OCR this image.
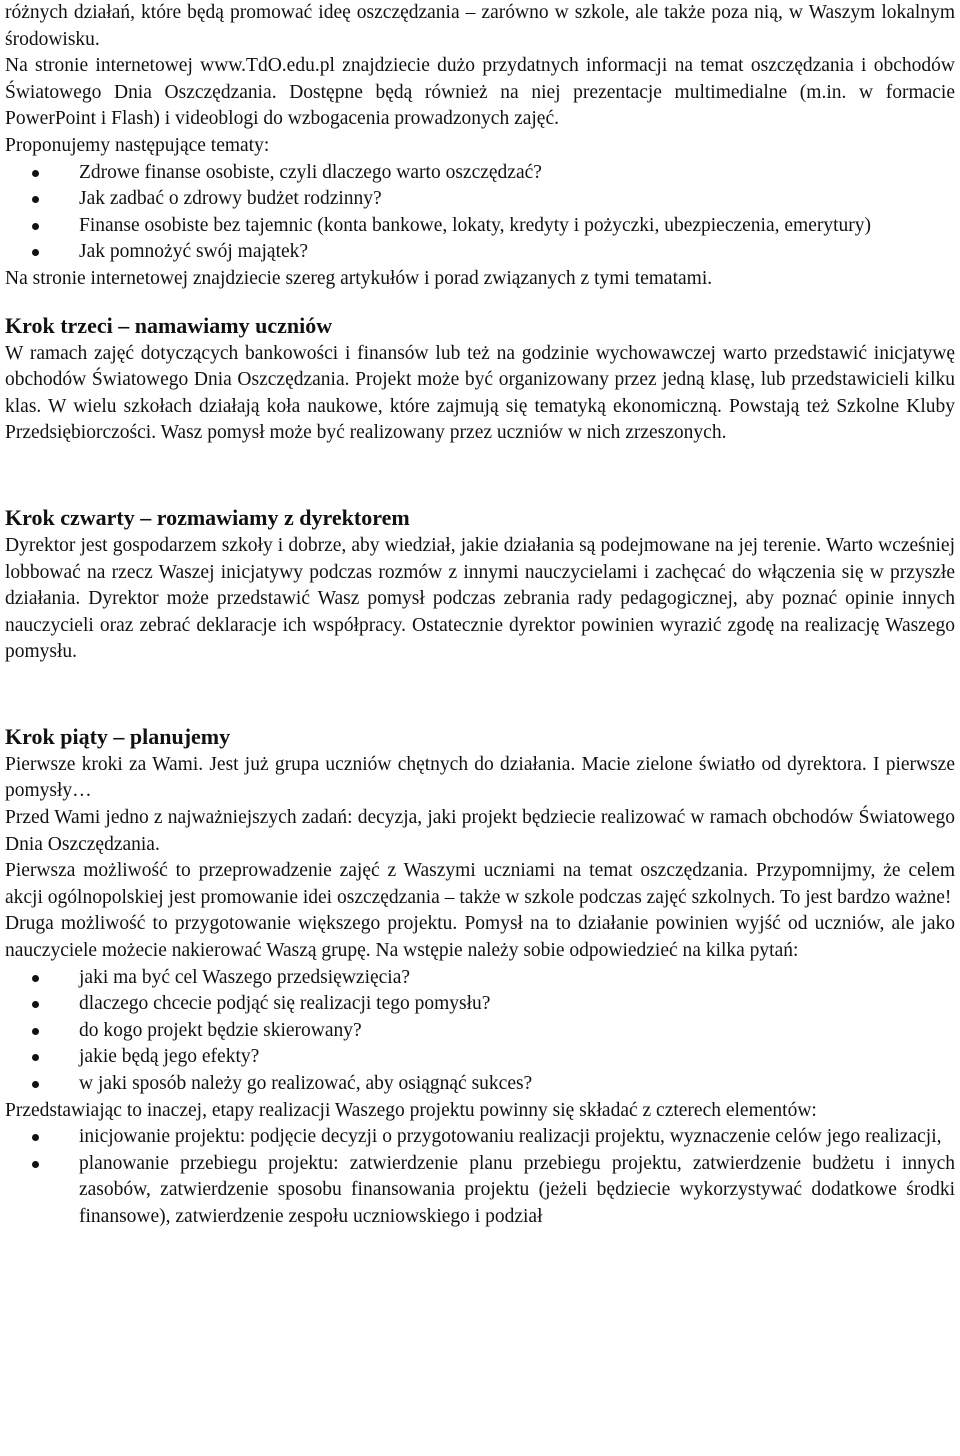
różnych działań, które będą promować ideę oszczędzania – zarówno w szkole, ale także poza nią, w Waszym lokalnym środowisku.

Na stronie internetowej www.TdO.edu.pl znajdziecie dużo przydatnych informacji na temat oszczędzania i obchodów Światowego Dnia Oszczędzania. Dostępne będą również na niej prezentacje multimedialne (m.in. w formacie PowerPoint i Flash) i videoblogi do wzbogacenia prowadzonych zajęć.

Proponujemy następujące tematy:

Zdrowe finanse osobiste, czyli dlaczego warto oszczędzać?
Jak zadbać o zdrowy budżet rodzinny?
Finanse osobiste bez tajemnic (konta bankowe, lokaty, kredyty i pożyczki, ubezpieczenia, emerytury)
Jak pomnożyć swój majątek?

Na stronie internetowej znajdziecie szereg artykułów i porad związanych z tymi tematami.

Krok trzeci – namawiamy uczniów

W ramach zajęć dotyczących bankowości i finansów lub też na godzinie wychowawczej warto przedstawić inicjatywę obchodów Światowego Dnia Oszczędzania. Projekt może być organizowany przez jedną klasę, lub przedstawicieli kilku klas. W wielu szkołach działają koła naukowe, które zajmują się tematyką ekonomiczną. Powstają też Szkolne Kluby Przedsiębiorczości. Wasz pomysł może być realizowany przez uczniów w nich zrzeszonych.

Krok czwarty – rozmawiamy z dyrektorem

Dyrektor jest gospodarzem szkoły i dobrze, aby wiedział, jakie działania są podejmowane na jej terenie. Warto wcześniej lobbować na rzecz Waszej inicjatywy podczas rozmów z innymi nauczycielami i zachęcać do włączenia się w przyszłe działania. Dyrektor może przedstawić Wasz pomysł podczas zebrania rady pedagogicznej, aby poznać opinie innych nauczycieli oraz zebrać deklaracje ich współpracy. Ostatecznie dyrektor powinien wyrazić zgodę na realizację Waszego pomysłu.

Krok piąty – planujemy

Pierwsze kroki za Wami. Jest już grupa uczniów chętnych do działania. Macie zielone światło od dyrektora. I pierwsze pomysły…

Przed Wami jedno z najważniejszych zadań: decyzja, jaki projekt będziecie realizować w ramach obchodów Światowego Dnia Oszczędzania.

Pierwsza możliwość to przeprowadzenie zajęć z Waszymi uczniami na temat oszczędzania. Przypomnijmy, że celem akcji ogólnopolskiej jest promowanie idei oszczędzania – także w szkole podczas zajęć szkolnych. To jest bardzo ważne!

Druga możliwość to przygotowanie większego projektu. Pomysł na to działanie powinien wyjść od uczniów, ale jako nauczyciele możecie nakierować Waszą grupę. Na wstępie należy sobie odpowiedzieć na kilka pytań:

jaki ma być cel Waszego przedsięwzięcia?
dlaczego chcecie podjąć się realizacji tego pomysłu?
do kogo projekt będzie skierowany?
jakie będą jego efekty?
w jaki sposób należy go realizować, aby osiągnąć sukces?

Przedstawiając to inaczej, etapy realizacji Waszego projektu powinny się składać z czterech elementów:

inicjowanie projektu: podjęcie decyzji o przygotowaniu realizacji projektu, wyznaczenie celów jego realizacji,
planowanie przebiegu projektu: zatwierdzenie planu przebiegu projektu, zatwierdzenie budżetu i innych zasobów, zatwierdzenie sposobu finansowania projektu (jeżeli będziecie wykorzystywać dodatkowe środki finansowe), zatwierdzenie zespołu uczniowskiego i podział
